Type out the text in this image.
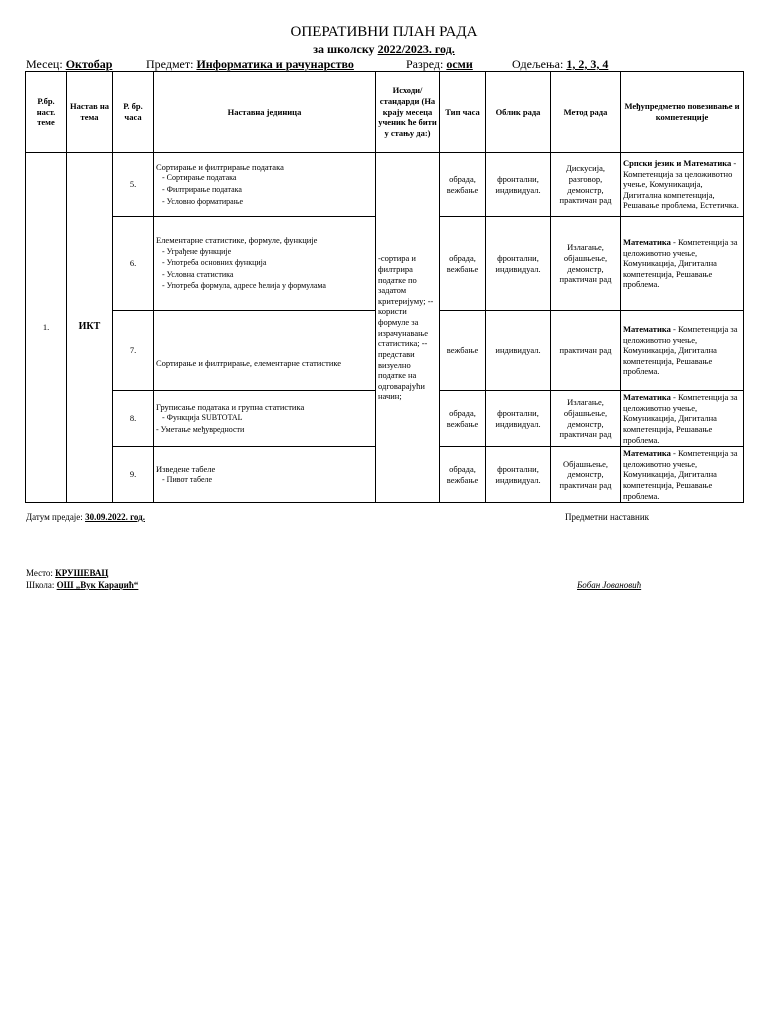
ОПЕРАТИВНИ ПЛАН РАДА
за школску 2022/2023. год.
Месец: Октобар	Предмет: Информатика и рачунарство	Разред: осми	Одељења: 1, 2, 3, 4
Р.бр. наст. теме	Настав на тема	Р. бр. часа	Наставна јединица	Исходи/ стандарди (На крају месеца ученик ће бити у стању да:)	Тип часа	Облик рада	Метод рада	Међупредметно повезивање и компетенције
1.	ИКТ	5.	Сортирање и филтрирање података
- Сортирање података
- Филтрирање података
- Условно форматирање	-сортира и филтрира податке по задатом критеријуму; --користи формуле за израчунавање статистика; --представи визуелно податке на одговарајући начин;	обрада, вежбање	фронтални, индивидуал.	Дискусија, разговор, демонстр, практичан рад	Српски језик и Математика - Компетенција за целоживотно учење, Комуникација, Дигитална компетенција, Решавање проблема, Естетичка.
		6.	Елементарне статистике, формуле, функције
- Уграђене функције
- Употреба основних функција
- Условна статистика
- Употреба формула, адресе ћелија у формулама		обрада, вежбање	фронтални, индивидуал.	Излагање, објашњење, демонстр, практичан рад	Математика - Компетенција за целоживотно учење, Комуникација, Дигитална компетенција, Решавање проблема.
		7.	Сортирање и филтрирање, елементарне статистике		вежбање	индивидуал.	практичан рад	Математика - Компетенција за целоживотно учење, Комуникација, Дигитална компетенција, Решавање проблема.
		8.	Груписање података и групна статистика
- Функција SUBTOTAL
- Уметање међувредности		обрада, вежбање	фронтални, индивидуал.	Излагање, објашњење, демонстр, практичан рад	Математика - Компетенција за целоживотно учење, Комуникација, Дигитална компетенција, Решавање проблема.
		9.	Изведене табеле
- Пивот табеле		обрада, вежбање	фронтални, индивидуал.	Објашњење, демонстр, практичан рад	Математика - Компетенција за целоживотно учење, Комуникација, Дигитална компетенција, Решавање проблема.
Датум предаје: 30.09.2022. год.	Предметни наставник
Место: КРУШЕВАЦ
Школа: ОШ „Вук Караџић“	Бобан Јовановић
